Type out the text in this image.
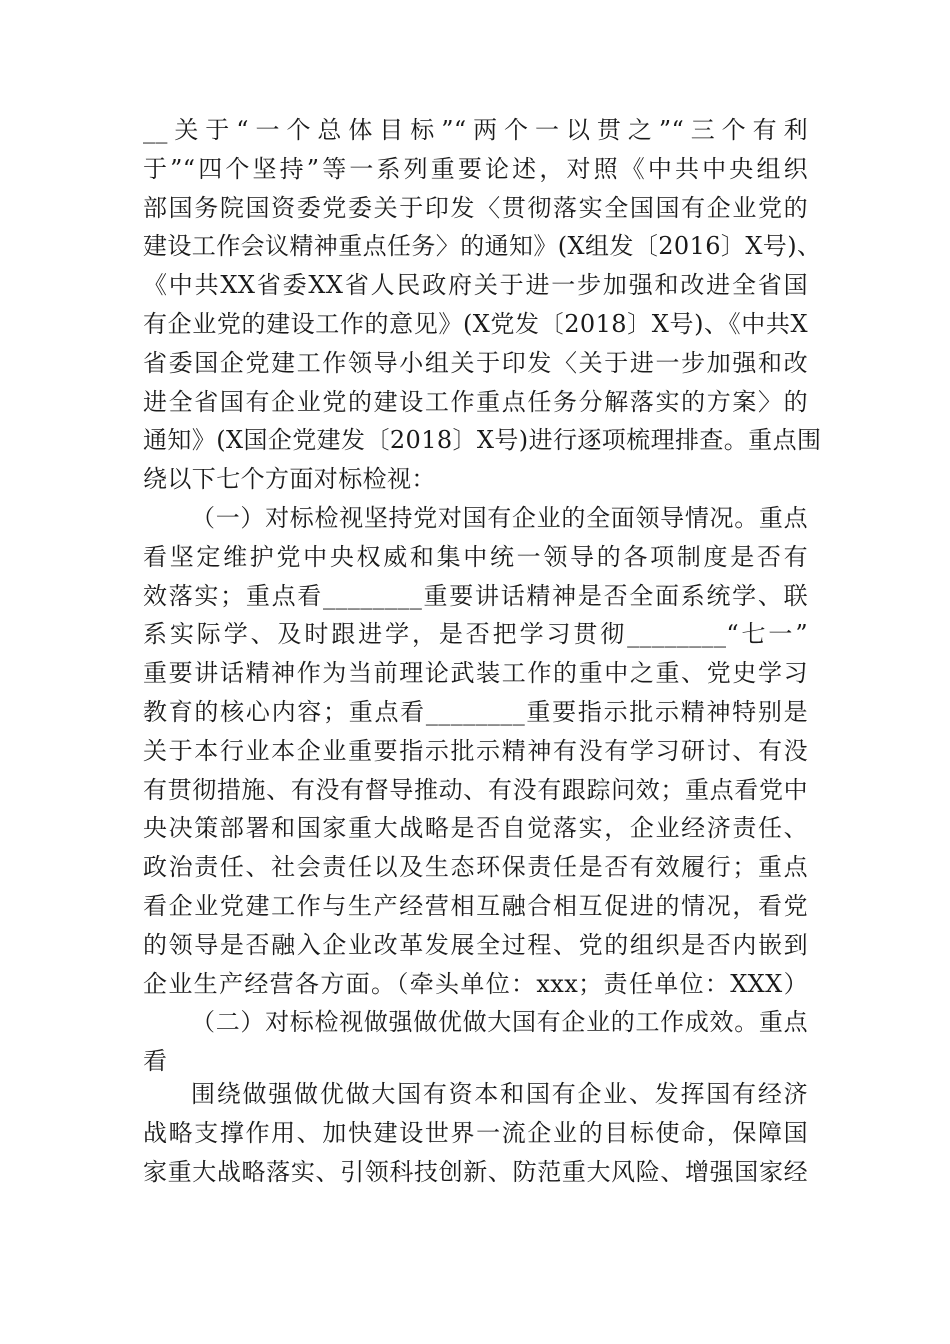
__关于“一个总体目标”“两个一以贯之”“三个有利
于”“四个坚持”等一系列重要论述，对照《中共中央组织
部国务院国资委党委关于印发〈贯彻落实全国国有企业党的
建设工作会议精神重点任务〉的通知》(X组发〔2016〕X号)、
《中共XX省委XX省人民政府关于进一步加强和改进全省国
有企业党的建设工作的意见》(X党发〔2018〕X号)、《中共X
省委国企党建工作领导小组关于印发〈关于进一步加强和改
进全省国有企业党的建设工作重点任务分解落实的方案〉的
通知》(X国企党建发〔2018〕X号)进行逐项梳理排查。重点围
绕以下七个方面对标检视：
（一）对标检视坚持党对国有企业的全面领导情况。重点
看坚定维护党中央权威和集中统一领导的各项制度是否有
效落实；重点看________重要讲话精神是否全面系统学、联
系实际学、及时跟进学，是否把学习贯彻________“七一”
重要讲话精神作为当前理论武装工作的重中之重、党史学习
教育的核心内容；重点看________重要指示批示精神特别是
关于本行业本企业重要指示批示精神有没有学习研讨、有没
有贯彻措施、有没有督导推动、有没有跟踪问效；重点看党中
央决策部署和国家重大战略是否自觉落实，企业经济责任、
政治责任、社会责任以及生态环保责任是否有效履行；重点
看企业党建工作与生产经营相互融合相互促进的情况，看党
的领导是否融入企业改革发展全过程、党的组织是否内嵌到
企业生产经营各方面。（牵头单位：xxx；责任单位：XXX）
（二）对标检视做强做优做大国有企业的工作成效。重点
看
围绕做强做优做大国有资本和国有企业、发挥国有经济
战略支撑作用、加快建设世界一流企业的目标使命，保障国
家重大战略落实、引领科技创新、防范重大风险、增强国家经
